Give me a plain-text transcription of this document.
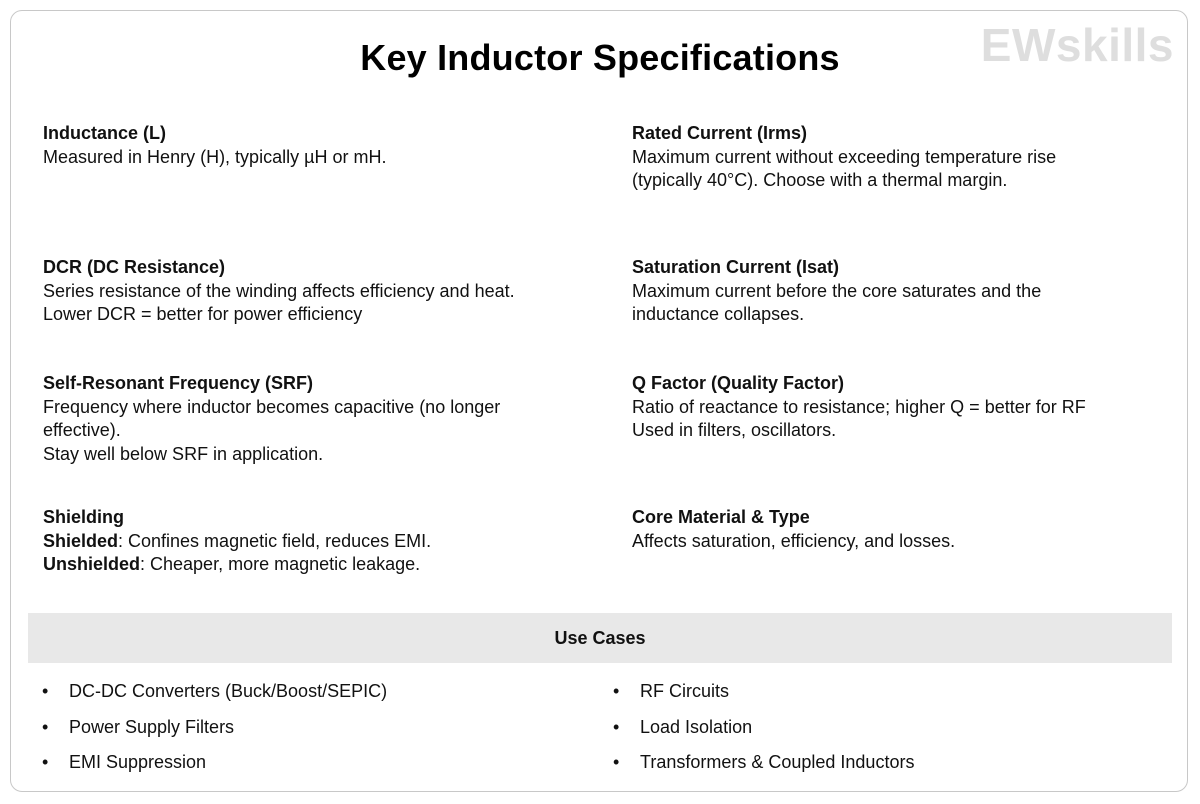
Key Inductor Specifications	EWskills
Inductance (L)
Measured in Henry (H), typically µH or mH.
Rated Current (Irms)
Maximum current without exceeding temperature rise
(typically 40°C). Choose with a thermal margin.
DCR (DC Resistance)
Series resistance of the winding affects efficiency and heat.
Lower DCR = better for power efficiency
Saturation Current (Isat)
Maximum current before the core saturates and the
inductance collapses.
Self-Resonant Frequency (SRF)
Frequency where inductor becomes capacitive (no longer
effective).
Stay well below SRF in application.
Q Factor (Quality Factor)
Ratio of reactance to resistance; higher Q = better for RF
Used in filters, oscillators.
Shielding
Shielded: Confines magnetic field, reduces EMI.
Unshielded: Cheaper, more magnetic leakage.
Core Material & Type
Affects saturation, efficiency, and losses.
Use Cases
• DC-DC Converters (Buck/Boost/SEPIC)
• Power Supply Filters
• EMI Suppression
• RF Circuits
• Load Isolation
• Transformers & Coupled Inductors
